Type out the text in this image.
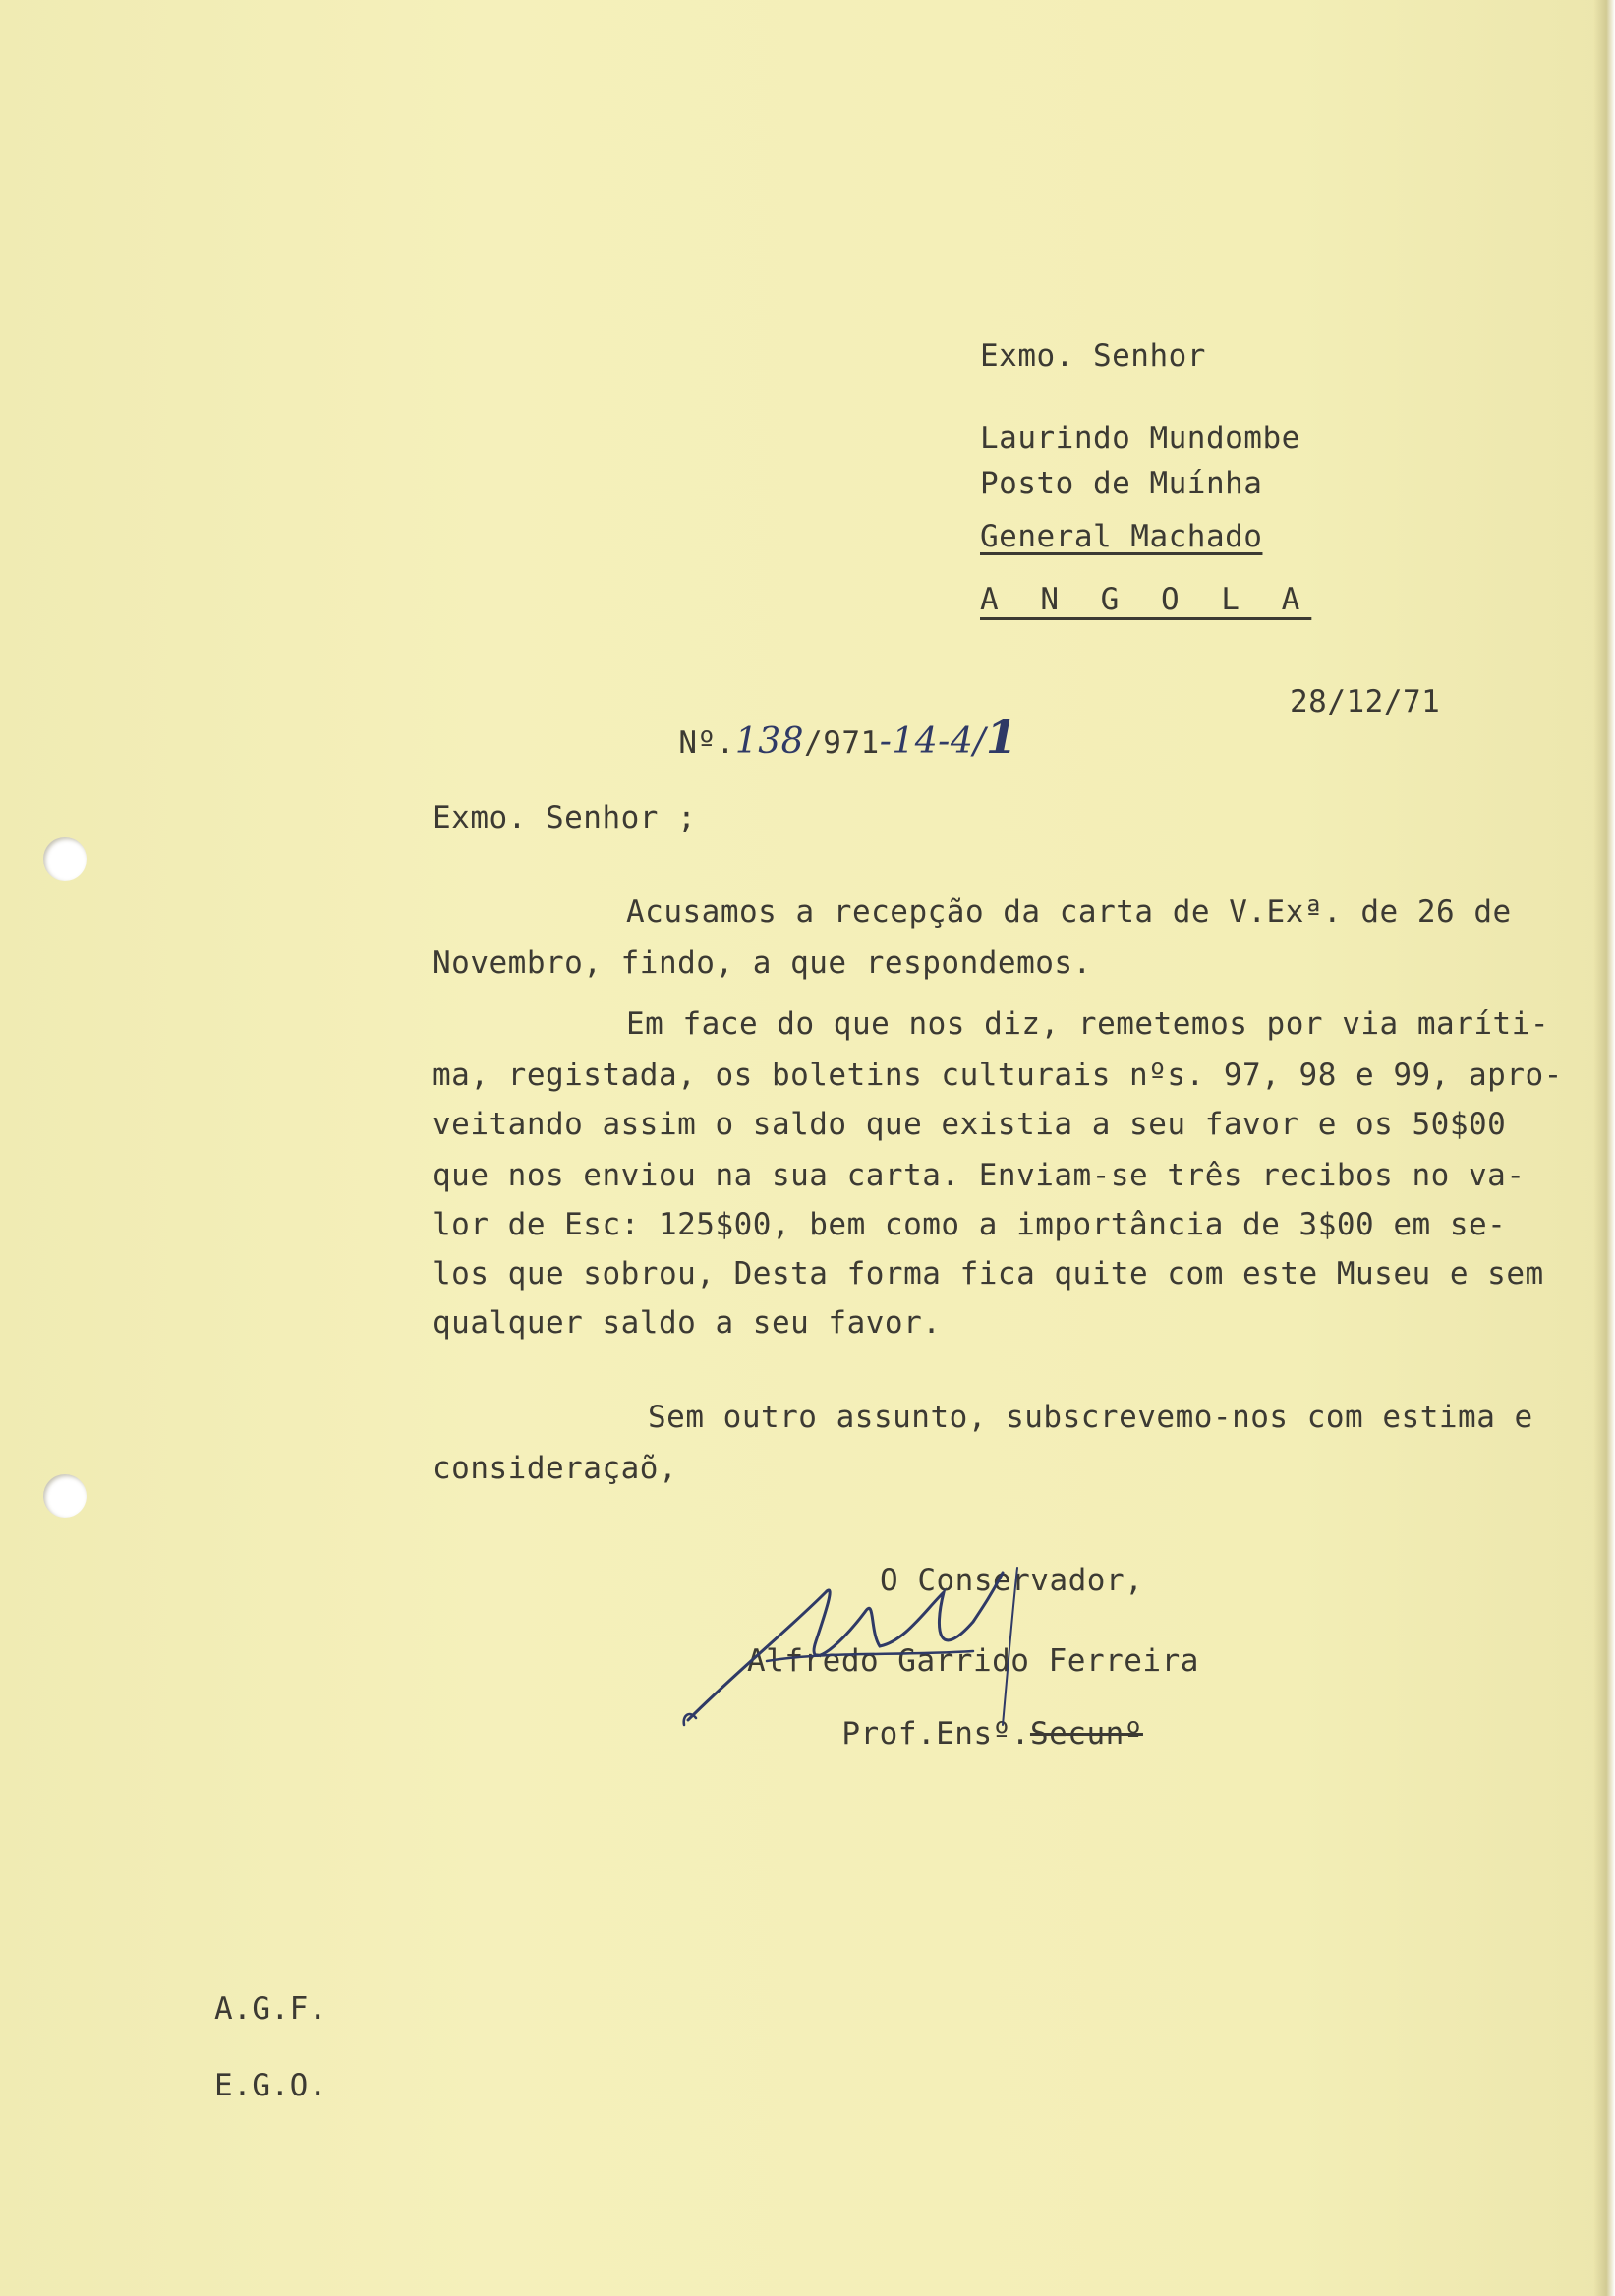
Exmo. Senhor
Laurindo Mundombe
Posto de Muínha
General Machado
A N G O L A

Nº.138/971-14-4/1

28/12/71
Exmo. Senhor ;
Acusamos a recepção da carta de V.Exª. de 26 de
Novembro, findo, a que respondemos.
Em face do que nos diz, remetemos por via maríti-
ma, registada, os boletins culturais nºs. 97, 98 e 99, apro-
veitando assim o saldo que existia a seu favor e os 50$00
que nos enviou na sua carta. Enviam-se três recibos no va-
lor de Esc: 125$00, bem como a importância de 3$00 em se-
los que sobrou, Desta forma fica quite com este Museu e sem
qualquer saldo a seu favor.
Sem outro assunto, subscrevemo-nos com estima e
consideraçaõ,
O Conservador,
Alfredo Garrido Ferreira

Prof.Ensº.Secunº

A.G.F.
E.G.O.
